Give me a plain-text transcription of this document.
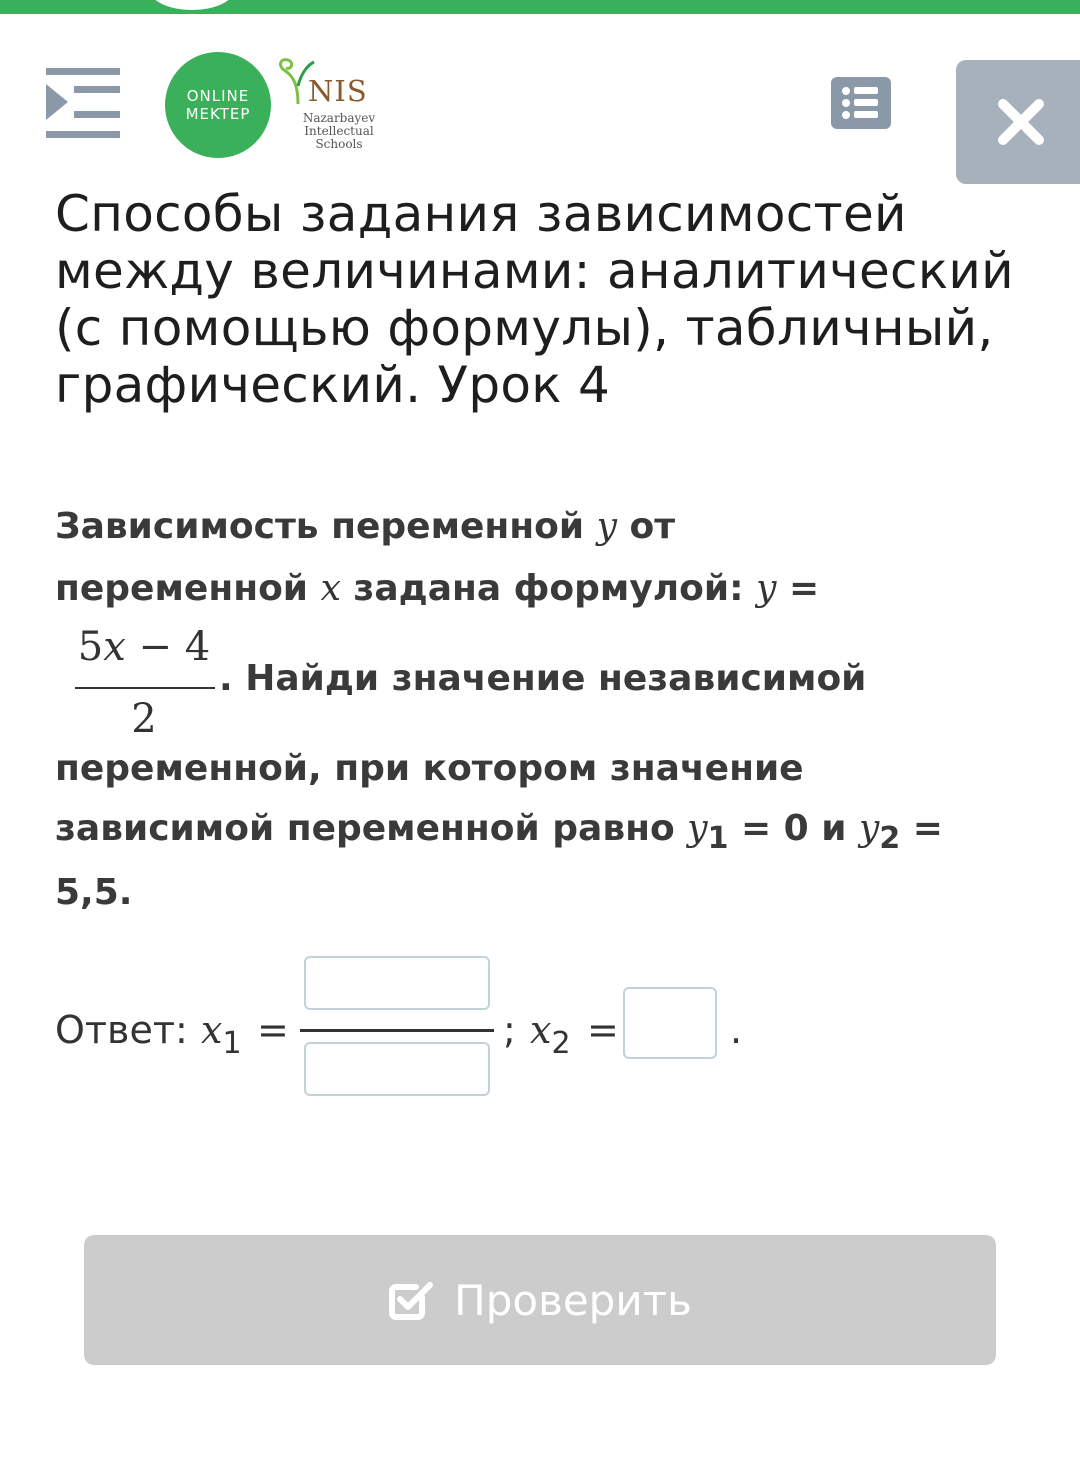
ONLINE
MEKTEP
NIS
Nazarbayev
Intellectual
Schools
Способы задания зависимостей между величинами: аналитический (с помощью формулы), табличный, графический. Урок 4
Зависимость переменной y от
переменной x задана формулой: y =
5x − 4
2
. Найди значение независимой
переменной, при котором значение
зависимой переменной равно $y_1 = 0$ и $y_2$ =
5,5.
Ответ: $x_1$ =	; $x_2$ =	.
Проверить
